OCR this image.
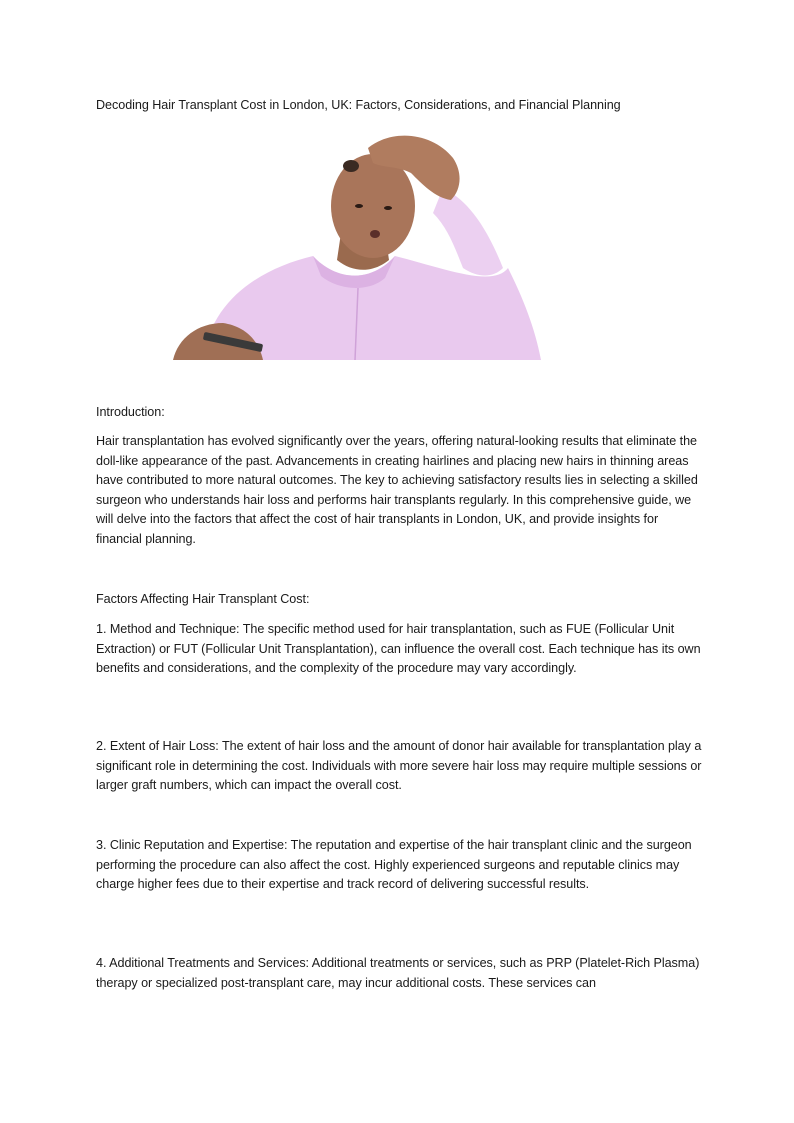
Decoding Hair Transplant Cost in London, UK: Factors, Considerations, and Financial Planning

Introduction:

Hair transplantation has evolved significantly over the years, offering natural-looking results that eliminate the doll-like appearance of the past. Advancements in creating hairlines and placing new hairs in thinning areas have contributed to more natural outcomes. The key to achieving satisfactory results lies in selecting a skilled surgeon who understands hair loss and performs hair transplants regularly. In this comprehensive guide, we will delve into the factors that affect the cost of hair transplants in London, UK, and provide insights for financial planning.

Factors Affecting Hair Transplant Cost:

1. Method and Technique: The specific method used for hair transplantation, such as FUE (Follicular Unit Extraction) or FUT (Follicular Unit Transplantation), can influence the overall cost. Each technique has its own benefits and considerations, and the complexity of the procedure may vary accordingly.

2. Extent of Hair Loss: The extent of hair loss and the amount of donor hair available for transplantation play a significant role in determining the cost. Individuals with more severe hair loss may require multiple sessions or larger graft numbers, which can impact the overall cost.

3. Clinic Reputation and Expertise: The reputation and expertise of the hair transplant clinic and the surgeon performing the procedure can also affect the cost. Highly experienced surgeons and reputable clinics may charge higher fees due to their expertise and track record of delivering successful results.

4. Additional Treatments and Services: Additional treatments or services, such as PRP (Platelet-Rich Plasma) therapy or specialized post-transplant care, may incur additional costs. These services can
